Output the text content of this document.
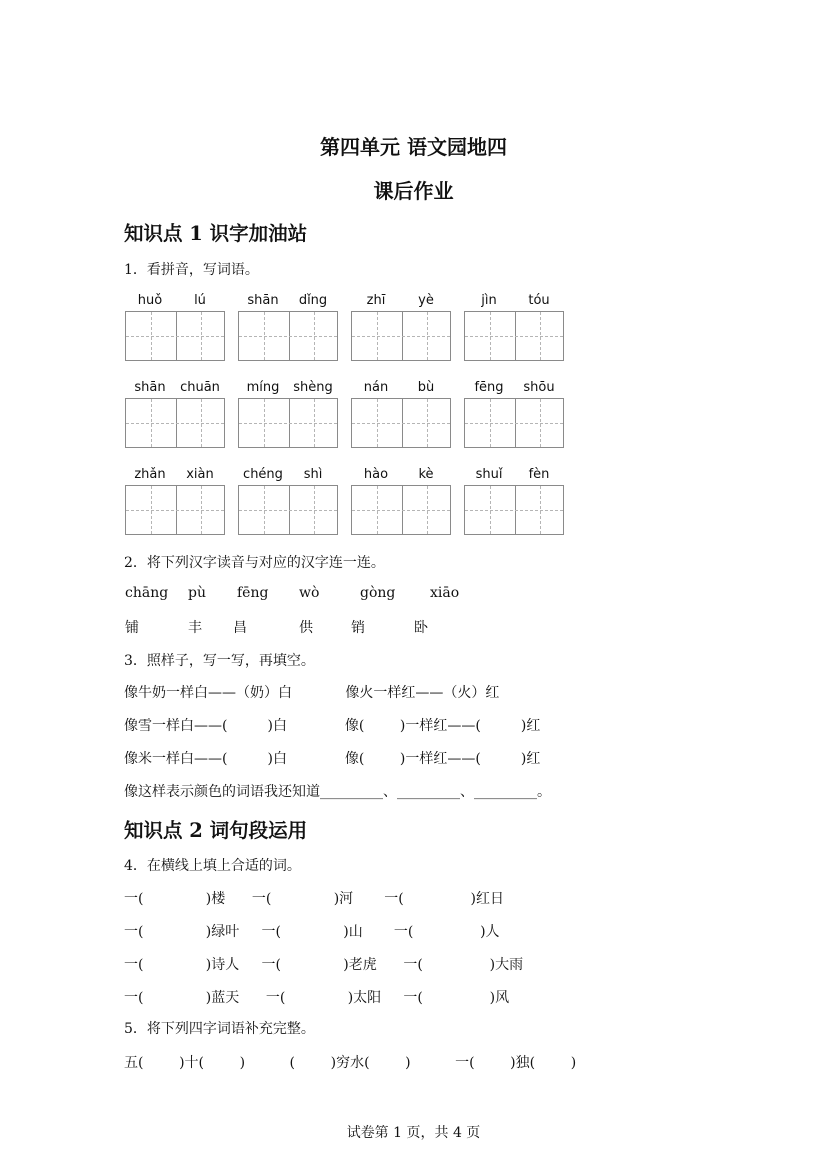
第四单元 语文园地四
课后作业
知识点 1 识字加油站
1．看拼音，写词语。
huǒ	lú	shān	dǐng	zhī	yè	jìn	tóu
shān	chuān	míng	shèng	nán	bù	fēng	shōu
zhǎn	xiàn	chéng	shì	hào	kè	shuǐ	fèn
2．将下列汉字读音与对应的汉字连一连。
chāng pù fēng wò	gòng xiāo
铺	丰 昌	供	销	卧
3．照样子，写一写，再填空。
像牛奶一样白——（奶）白            像火一样红——（火）红
像雪一样白——(         )白             像(        )一样红——(         )红
像米一样白——(         )白             像(        )一样红——(         )红
像这样表示颜色的词语我还知道_________、_________、_________。
知识点 2 词句段运用
4．在横线上填上合适的词。
一(              )楼      一(              )河       一(               )红日
一(              )绿叶     一(              )山       一(               )人
一(              )诗人     一(              )老虎      一(               )大雨
一(              )蓝天      一(              )太阳     一(               )风
5．将下列四字词语补充完整。
五(        )十(        )          (        )穷水(        )          一(        )独(        )
试卷第 1 页，共 4 页
